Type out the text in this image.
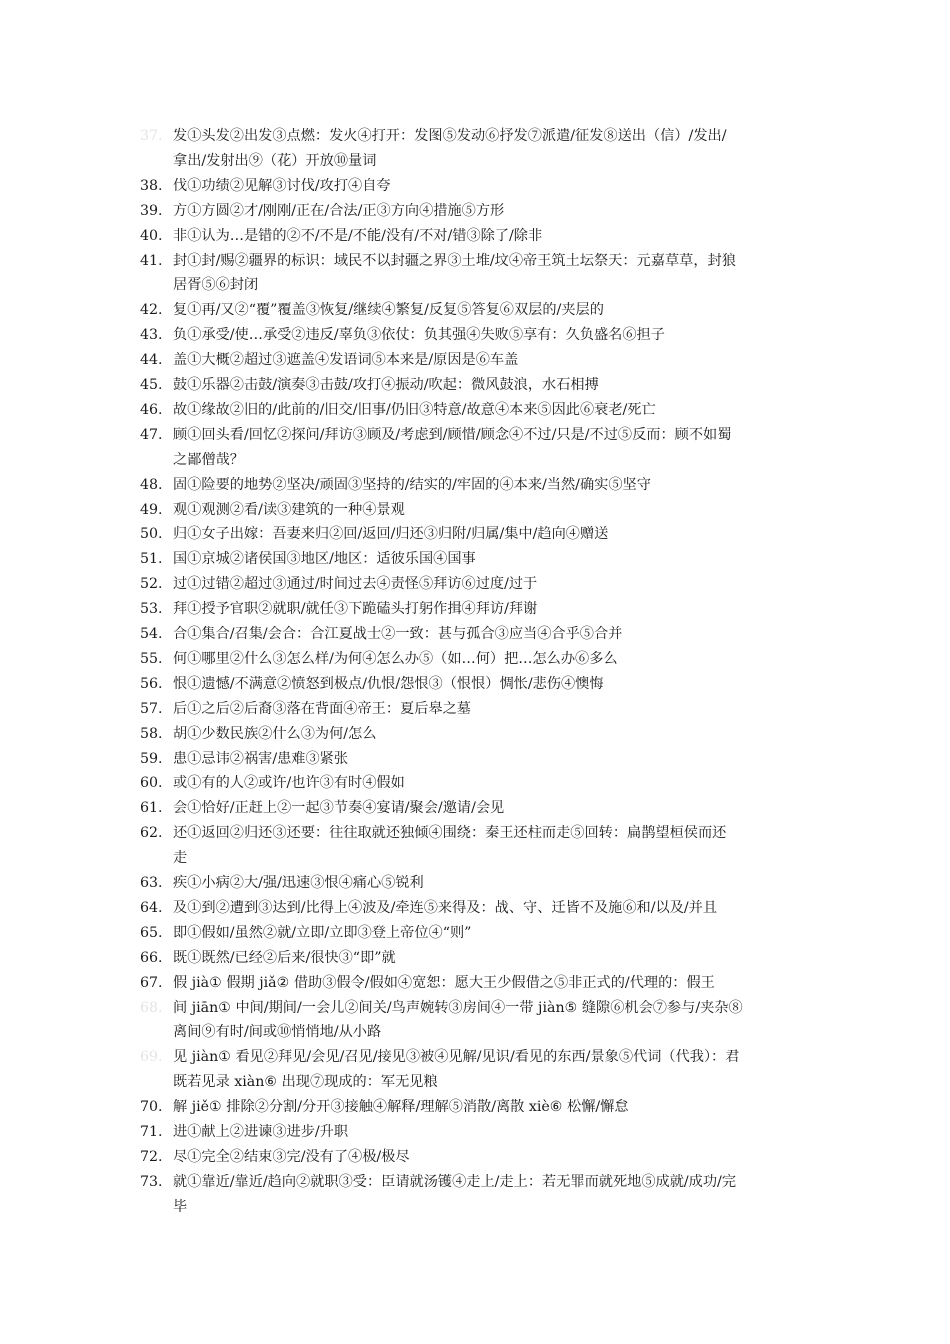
37. 发①头发②出发③点燃：发火④打开：发图⑤发动⑥抒发⑦派遣/征发⑧送出（信）/发出/
拿出/发射出⑨（花）开放⑩量词
38. 伐①功绩②见解③讨伐/攻打④自夸
39. 方①方圆②才/刚刚/正在/合法/正③方向④措施⑤方形
40. 非①认为…是错的②不/不是/不能/没有/不对/错③除了/除非
41. 封①封/赐②疆界的标识：域民不以封疆之界③土堆/坟④帝王筑土坛祭天：元嘉草草，封狼
居胥⑤⑥封闭
42. 复①再/又②“覆”覆盖③恢复/继续④繁复/反复⑤答复⑥双层的/夹层的
43. 负①承受/使…承受②违反/辜负③依仗：负其强④失败⑤享有：久负盛名⑥担子
44. 盖①大概②超过③遮盖④发语词⑤本来是/原因是⑥车盖
45. 鼓①乐器②击鼓/演奏③击鼓/攻打④振动/吹起：微风鼓浪，水石相搏
46. 故①缘故②旧的/此前的/旧交/旧事/仍旧③特意/故意④本来⑤因此⑥衰老/死亡
47. 顾①回头看/回忆②探问/拜访③顾及/考虑到/顾惜/顾念④不过/只是/不过⑤反而：顾不如蜀
之鄙僧哉？
48. 固①险要的地势②坚决/顽固③坚持的/结实的/牢固的④本来/当然/确实⑤坚守
49. 观①观测②看/读③建筑的一种④景观
50. 归①女子出嫁：吾妻来归②回/返回/归还③归附/归属/集中/趋向④赠送
51. 国①京城②诸侯国③地区/地区：适彼乐国④国事
52. 过①过错②超过③通过/时间过去④责怪⑤拜访⑥过度/过于
53. 拜①授予官职②就职/就任③下跪磕头打躬作揖④拜访/拜谢
54. 合①集合/召集/会合：合江夏战士②一致：甚与孤合③应当④合乎⑤合并
55. 何①哪里②什么③怎么样/为何④怎么办⑤（如…何）把…怎么办⑥多么
56. 恨①遗憾/不满意②愤怒到极点/仇恨/怨恨③（恨恨）惆怅/悲伤④懊悔
57. 后①之后②后裔③落在背面④帝王：夏后皋之墓
58. 胡①少数民族②什么③为何/怎么
59. 患①忌讳②祸害/患难③紧张
60. 或①有的人②或许/也许③有时④假如
61. 会①恰好/正赶上②一起③节奏④宴请/聚会/邀请/会见
62. 还①返回②归还③还要：往往取就还独倾④围绕：秦王还柱而走⑤回转：扁鹊望桓侯而还
走
63. 疾①小病②大/强/迅速③恨④痛心⑤锐利
64. 及①到②遭到③达到/比得上④波及/牵连⑤来得及：战、守、迁皆不及施⑥和/以及/并且
65. 即①假如/虽然②就/立即/立即③登上帝位④“则”
66. 既①既然/已经②后来/很快③“即”就
67. 假 jià① 假期 jiǎ② 借助③假令/假如④宽恕：愿大王少假借之⑤非正式的/代理的：假王
68. 间 jiān① 中间/期间/一会儿②间关/鸟声婉转③房间④一带 jiàn⑤ 缝隙⑥机会⑦参与/夹杂⑧
离间⑨有时/间或⑩悄悄地/从小路
69. 见 jiàn① 看见②拜见/会见/召见/接见③被④见解/见识/看见的东西/景象⑤代词（代我）：君
既若见录 xiàn⑥ 出现⑦现成的：军无见粮
70. 解 jiě① 排除②分割/分开③接触④解释/理解⑤消散/离散 xiè⑥ 松懈/懈怠
71. 进①献上②进谏③进步/升职
72. 尽①完全②结束③完/没有了④极/极尽
73. 就①靠近/靠近/趋向②就职③受：臣请就汤镬④走上/走上：若无罪而就死地⑤成就/成功/完
毕
